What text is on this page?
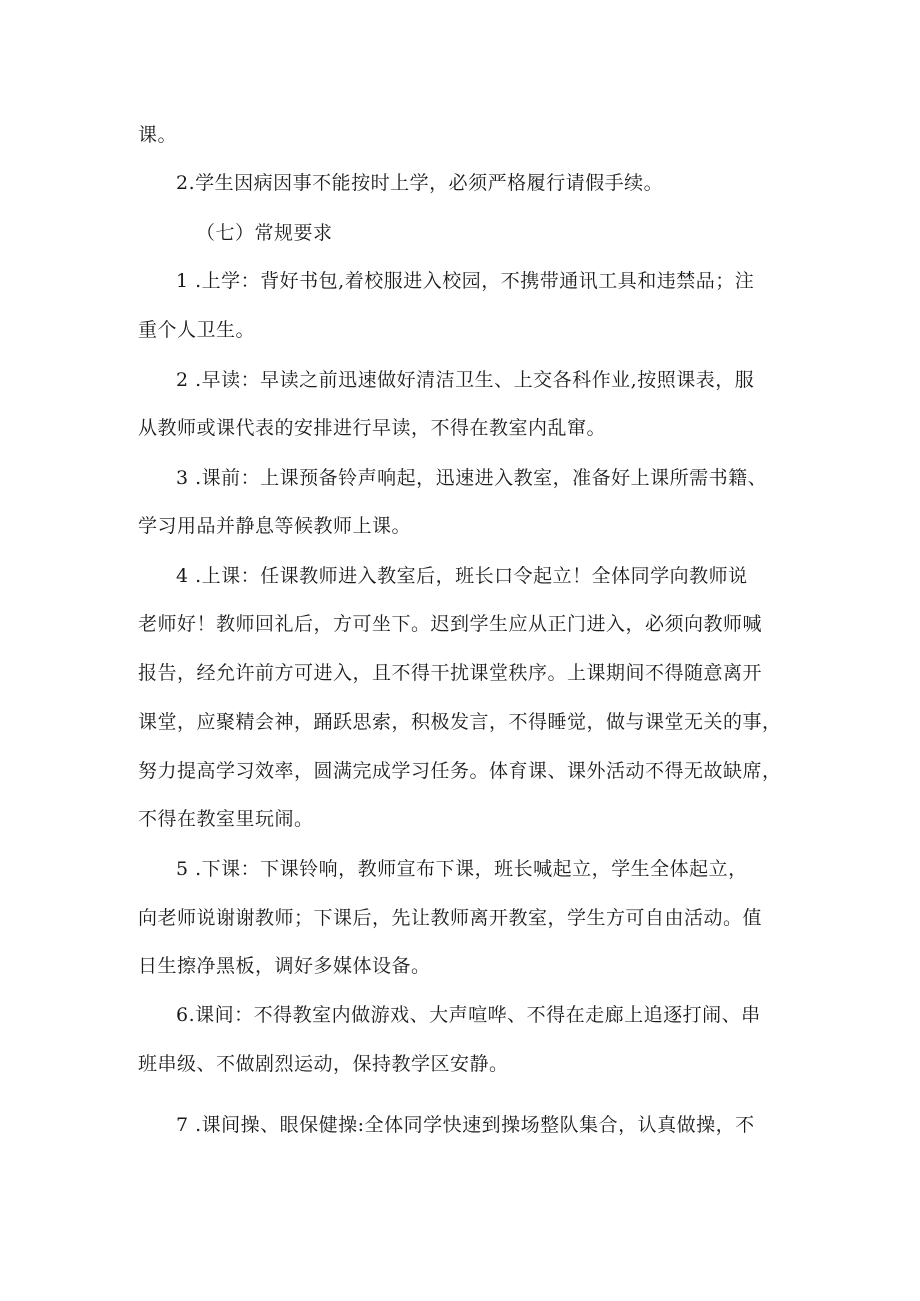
课。
2.学生因病因事不能按时上学，必须严格履行请假手续。
（七）常规要求
1 .上学：背好书包,着校服进入校园，不携带通讯工具和违禁品；注
重个人卫生。
2 .早读：早读之前迅速做好清洁卫生、上交各科作业,按照课表，服
从教师或课代表的安排进行早读，不得在教室内乱窜。
3 .课前：上课预备铃声响起，迅速进入教室，准备好上课所需书籍、
学习用品并静息等候教师上课。
4 .上课：任课教师进入教室后，班长口令起立！全体同学向教师说
老师好！教师回礼后，方可坐下。迟到学生应从正门进入，必须向教师喊
报告，经允许前方可进入，且不得干扰课堂秩序。上课期间不得随意离开
课堂，应聚精会神，踊跃思索，积极发言，不得睡觉，做与课堂无关的事，
努力提高学习效率，圆满完成学习任务。体育课、课外活动不得无故缺席，
不得在教室里玩闹。
5 .下课：下课铃响，教师宣布下课，班长喊起立，学生全体起立，
向老师说谢谢教师；下课后，先让教师离开教室，学生方可自由活动。值
日生擦净黑板，调好多媒体设备。
6.课间：不得教室内做游戏、大声喧哗、不得在走廊上追逐打闹、串
班串级、不做剧烈运动，保持教学区安静。
7 .课间操、眼保健操:全体同学快速到操场整队集合，认真做操，不
